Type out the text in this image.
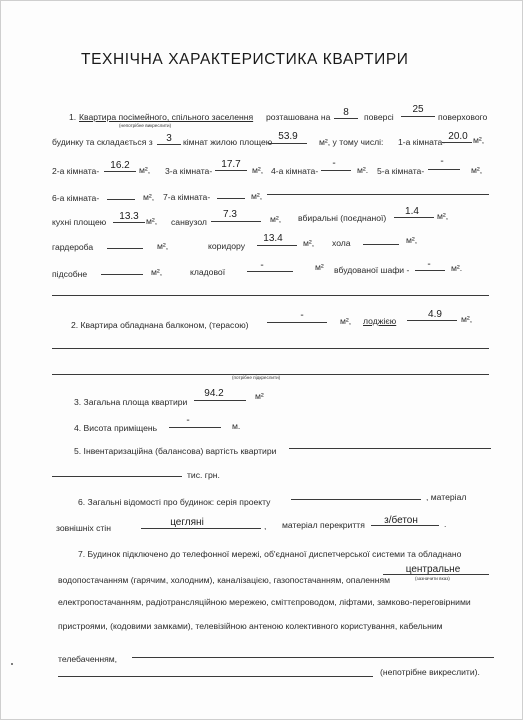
ТЕХНІЧНА ХАРАКТЕРИСТИКА КВАРТИРИ
1. Квартира посімейного, спільного заселення розташована на	8	поверсі
25
поверхового
(непотрібне викреслити)
будинку та складається з	3	кімнат жилою площею 53.9	м², у тому числі: 1-а кімната- 20.0 м²,
2-а кімната-	16.2	м², 3-а кімната-
17.7	м², 4-а кімната-
-
м². 5-а кімната-
-
м²,
6-а кімната-	м², 7-а кімната-	м²,
кухні площею	13.3 м², санвузол
7.3	м², вбиральні (поєднаної)
1.4	м²,
гардероба	м²,	коридору
13.4	м², хола	м²,
підсобне	м²,	кладової
-	м² вбудованої шафи -	-	м².
2. Квартира обладнана балконом, (терасою)
-	м², лоджією
4.9	м²,
(потрібне підкреслити)
3. Загальна площа квартири
94.2	м²
4. Висота приміщень
-	м.
5. Інвентаризаційна (балансова) вартість квартири
тис. грн.
6. Загальні відомості про будинок: серія проекту	, матеріал
зовнішніх стін	цегляні	, матеріал перекриття	з/бетон	.
7. Будинок підключено до телефонної мережі, об'єднаної диспетчерської системи та обладнано
водопостачанням (гарячим, холодним), каналізацією, газопостачанням, опаленням
центральне
(зазначити вказ)
електропостачанням, радіотрансляційною мережею, сміттєпроводом, ліфтами, замково-переговірними
пристроями, (кодовими замками), телевізійною антеною колективного користування, кабельним
телебаченням,
(непотрібне викреслити).
